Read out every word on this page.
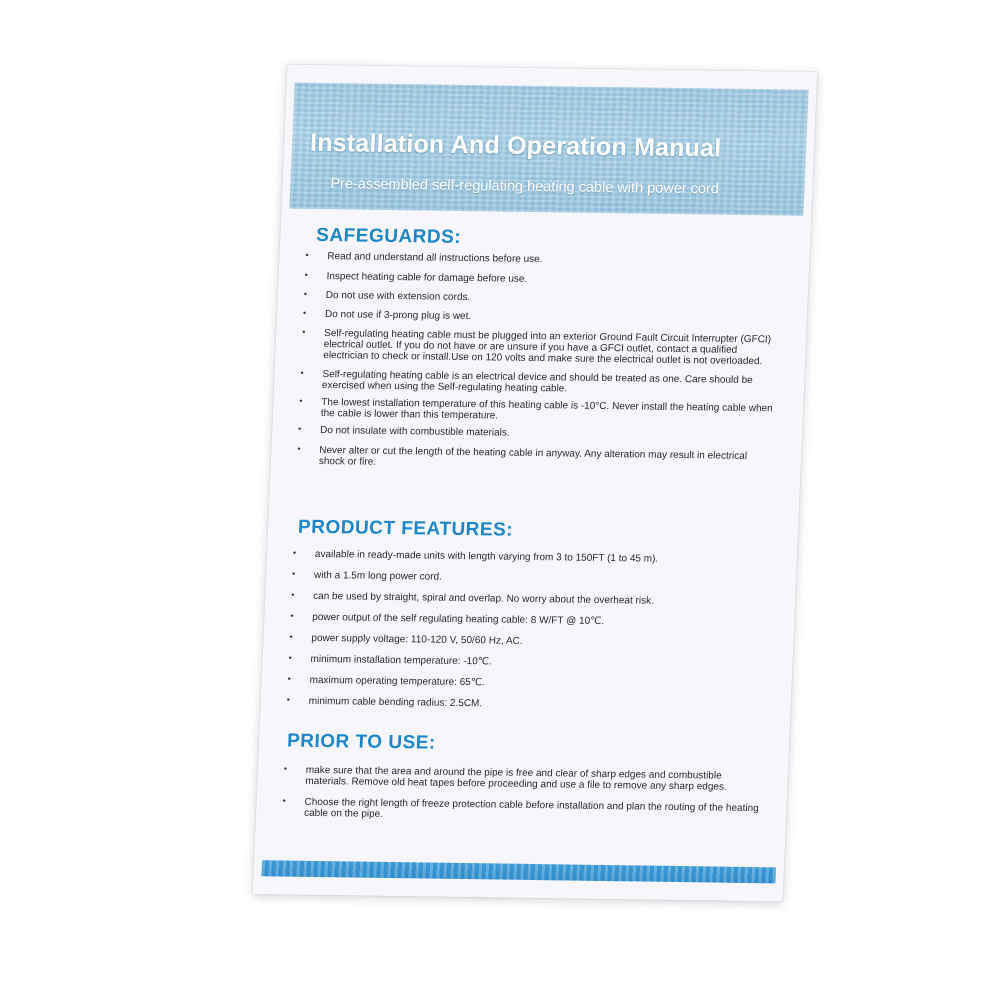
Installation And Operation Manual
Pre-assembled self-regulating heating cable with power cord
SAFEGUARDS:
• Read and understand all instructions before use.
• Inspect heating cable for damage before use.
• Do not use with extension cords.
• Do not use if 3-prong plug is wet.
• Self-regulating heating cable must be plugged into an exterior Ground Fault Circuit Interrupter (GFCI) electrical outlet. If you do not have or are unsure if you have a GFCI outlet, contact a qualified electrician to check or install.Use on 120 volts and make sure the electrical outlet is not overloaded.
• Self-regulating heating cable is an electrical device and should be treated as one. Care should be exercised when using the Self-regulating heating cable.
• The lowest installation temperature of this heating cable is -10°C. Never install the heating cable when the cable is lower than this temperature.
• Do not insulate with combustible materials.
• Never alter or cut the length of the heating cable in anyway. Any alteration may result in electrical shock or fire.
PRODUCT FEATURES:
• available in ready-made units with length varying from 3 to 150FT (1 to 45 m).
• with a 1.5m long power cord.
• can be used by straight, spiral and overlap. No worry about the overheat risk.
• power output of the self regulating heating cable: 8 W/FT @ 10℃.
• power supply voltage: 110-120 V, 50/60 Hz, AC.
• minimum installation temperature: -10℃.
• maximum operating temperature: 65℃.
• minimum cable bending radius: 2.5CM.
PRIOR TO USE:
• make sure that the area and around the pipe is free and clear of sharp edges and combustible materials. Remove old heat tapes before proceeding and use a file to remove any sharp edges.
• Choose the right length of freeze protection cable before installation and plan the routing of the heating cable on the pipe.
